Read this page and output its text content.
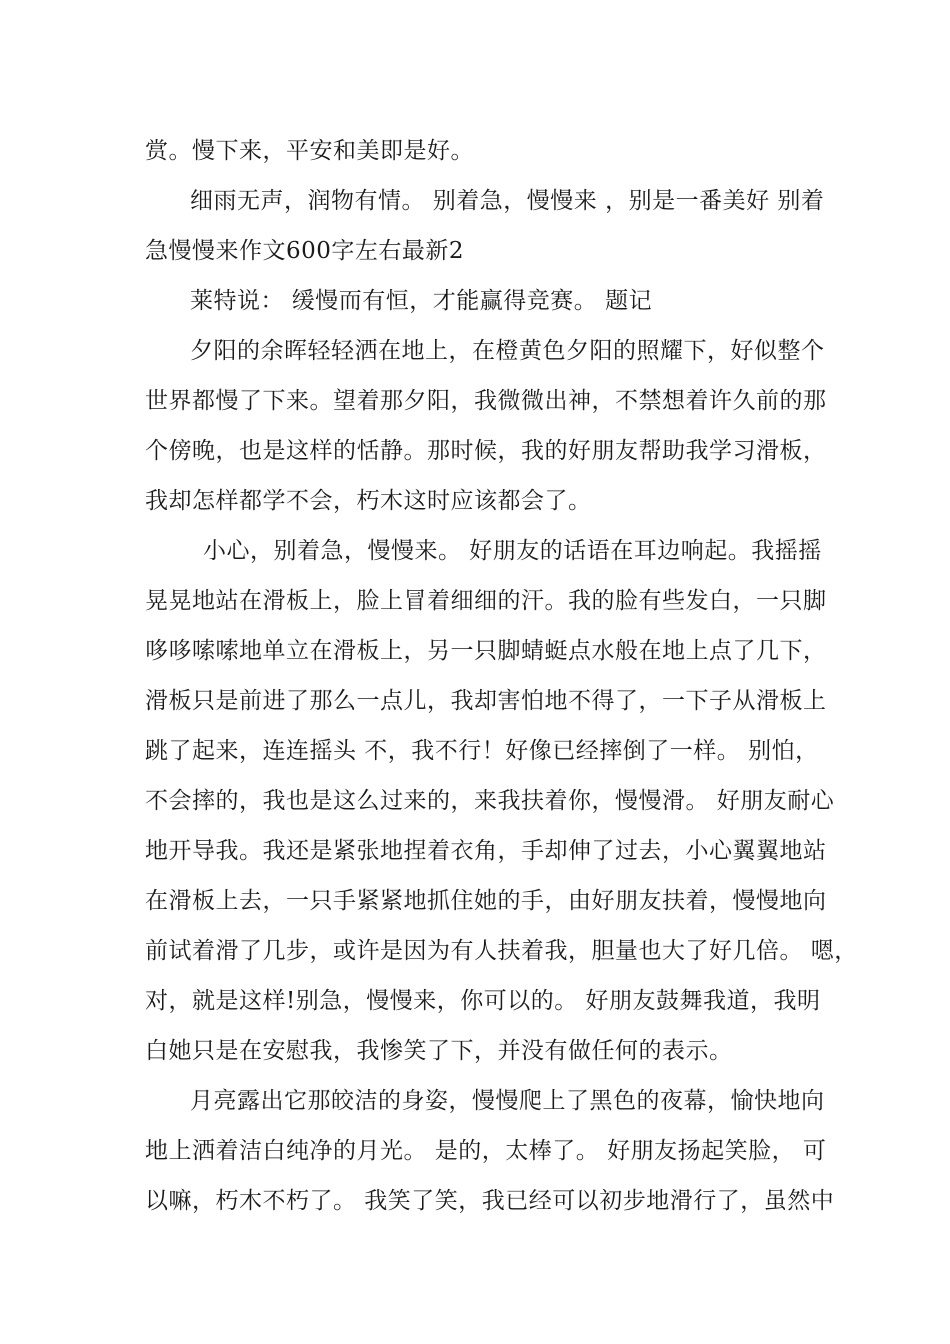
赏。慢下来，平安和美即是好。
细雨无声，润物有情。 别着急，慢慢来 ，别是一番美好 别着
急慢慢来作文600字左右最新2
莱特说： 缓慢而有恒，才能赢得竞赛。 题记
夕阳的余晖轻轻洒在地上，在橙黄色夕阳的照耀下，好似整个
世界都慢了下来。望着那夕阳，我微微出神，不禁想着许久前的那
个傍晚，也是这样的恬静。那时候，我的好朋友帮助我学习滑板，
我却怎样都学不会，朽木这时应该都会了。
小心，别着急，慢慢来。 好朋友的话语在耳边响起。我摇摇
晃晃地站在滑板上，脸上冒着细细的汗。我的脸有些发白，一只脚
哆哆嗦嗦地单立在滑板上，另一只脚蜻蜓点水般在地上点了几下，
滑板只是前进了那么一点儿，我却害怕地不得了，一下子从滑板上
跳了起来，连连摇头 不，我不行！好像已经摔倒了一样。 别怕，
不会摔的，我也是这么过来的，来我扶着你，慢慢滑。 好朋友耐心
地开导我。我还是紧张地捏着衣角，手却伸了过去，小心翼翼地站
在滑板上去，一只手紧紧地抓住她的手，由好朋友扶着，慢慢地向
前试着滑了几步，或许是因为有人扶着我，胆量也大了好几倍。 嗯，
对，就是这样!别急，慢慢来，你可以的。 好朋友鼓舞我道，我明
白她只是在安慰我，我惨笑了下，并没有做任何的表示。
月亮露出它那皎洁的身姿，慢慢爬上了黑色的夜幕，愉快地向
地上洒着洁白纯净的月光。 是的，太棒了。 好朋友扬起笑脸， 可
以嘛，朽木不朽了。 我笑了笑，我已经可以初步地滑行了，虽然中
